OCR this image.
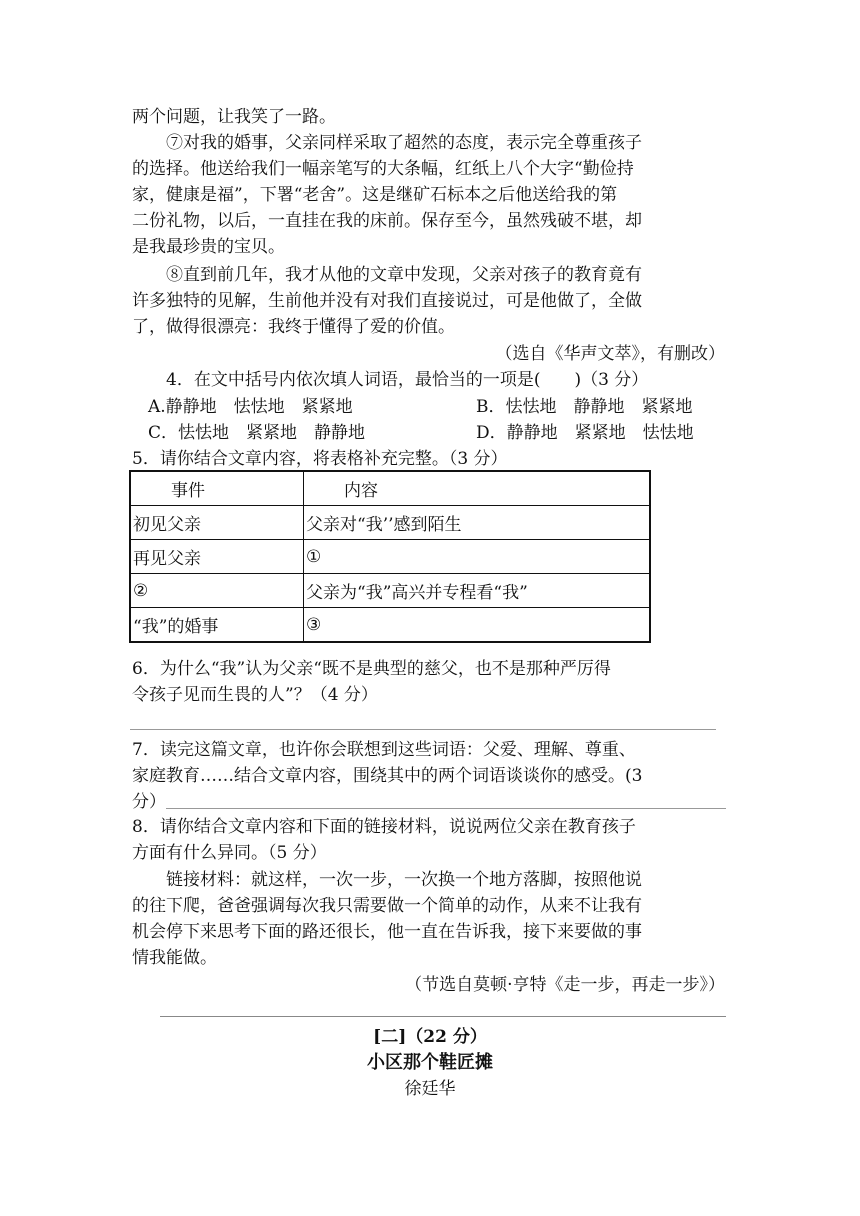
两个问题，让我笑了一路。
⑦对我的婚事，父亲同样采取了超然的态度，表示完全尊重孩子
的选择。他送给我们一幅亲笔写的大条幅，红纸上八个大字“勤俭持
家，健康是福”，下署“老舍”。这是继矿石标本之后他送给我的第
二份礼物，以后，一直挂在我的床前。保存至今，虽然残破不堪，却
是我最珍贵的宝贝。
⑧直到前几年，我才从他的文章中发现，父亲对孩子的教育竟有
许多独特的见解，生前他并没有对我们直接说过，可是他做了，全做
了，做得很漂亮：我终于懂得了爱的价值。
（选自《华声文萃》，有删改）
4．在文中括号内依次填人词语，最恰当的一项是(　　)（3 分）
A.静静地　怯怯地　紧紧地	B．怯怯地　静静地　紧紧地
C．怯怯地　紧紧地　静静地	D．静静地　紧紧地　怯怯地
5．请你结合文章内容，将表格补充完整。（3 分）
事件	内容
初见父亲	父亲对“我’’感到陌生
再见父亲	①
②	父亲为“我”高兴并专程看“我”
“我”的婚事	③
6．为什么“我”认为父亲“既不是典型的慈父，也不是那种严厉得
令孩子见而生畏的人”？（4 分）
7．读完这篇文章，也许你会联想到这些词语：父爱、理解、尊重、
家庭教育……结合文章内容，围绕其中的两个词语谈谈你的感受。(3
分）
8．请你结合文章内容和下面的链接材料，说说两位父亲在教育孩子
方面有什么异同。（5 分）
链接材料：就这样，一次一步，一次换一个地方落脚，按照他说
的往下爬，爸爸强调每次我只需要做一个简单的动作，从来不让我有
机会停下来思考下面的路还很长，他一直在告诉我，接下来要做的事
情我能做。
（节选自莫顿·亨特《走一步，再走一步》）
[二]（22 分）
小区那个鞋匠摊
徐廷华
